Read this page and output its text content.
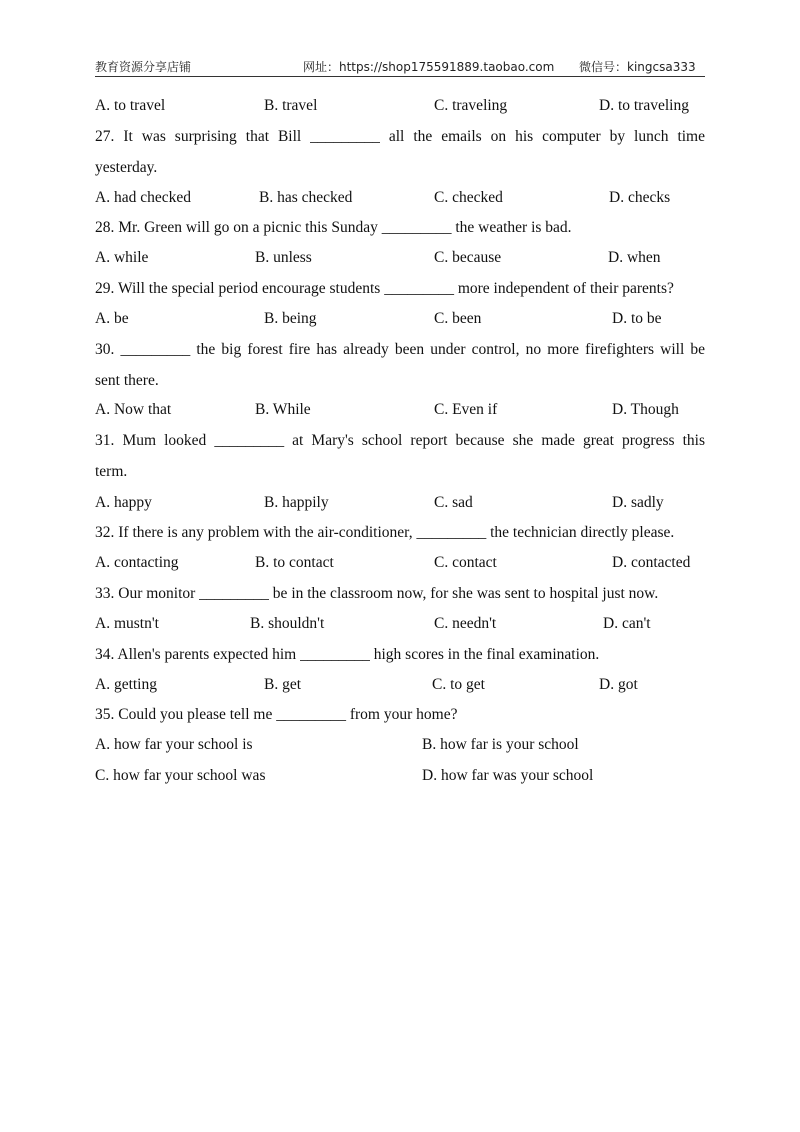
教育资源分享店铺	网址：https://shop175591889.taobao.com 微信号：kingcsa333
A. to travel	B. travel	C. traveling	D. to traveling
27. It was surprising that Bill _________ all the emails on his computer by lunch time
yesterday.
A. had checked	B. has checked	C. checked	D. checks
28. Mr. Green will go on a picnic this Sunday _________ the weather is bad.
A. while	B. unless	C. because	D. when
29. Will the special period encourage students _________ more independent of their parents?
A. be	B. being	C. been	D. to be
30. _________ the big forest fire has already been under control, no more firefighters will be
sent there.
A. Now that	B. While	C. Even if	D. Though
31. Mum looked _________ at Mary's school report because she made great progress this
term.
A. happy	B. happily	C. sad	D. sadly
32. If there is any problem with the air-conditioner, _________ the technician directly please.
A. contacting	B. to contact	C. contact	D. contacted
33. Our monitor _________ be in the classroom now, for she was sent to hospital just now.
A. mustn't	B. shouldn't	C. needn't	D. can't
34. Allen's parents expected him _________ high scores in the final examination.
A. getting	B. get	C. to get	D. got
35. Could you please tell me _________ from your home?
A. how far your school is	B. how far is your school
C. how far your school was	D. how far was your school
